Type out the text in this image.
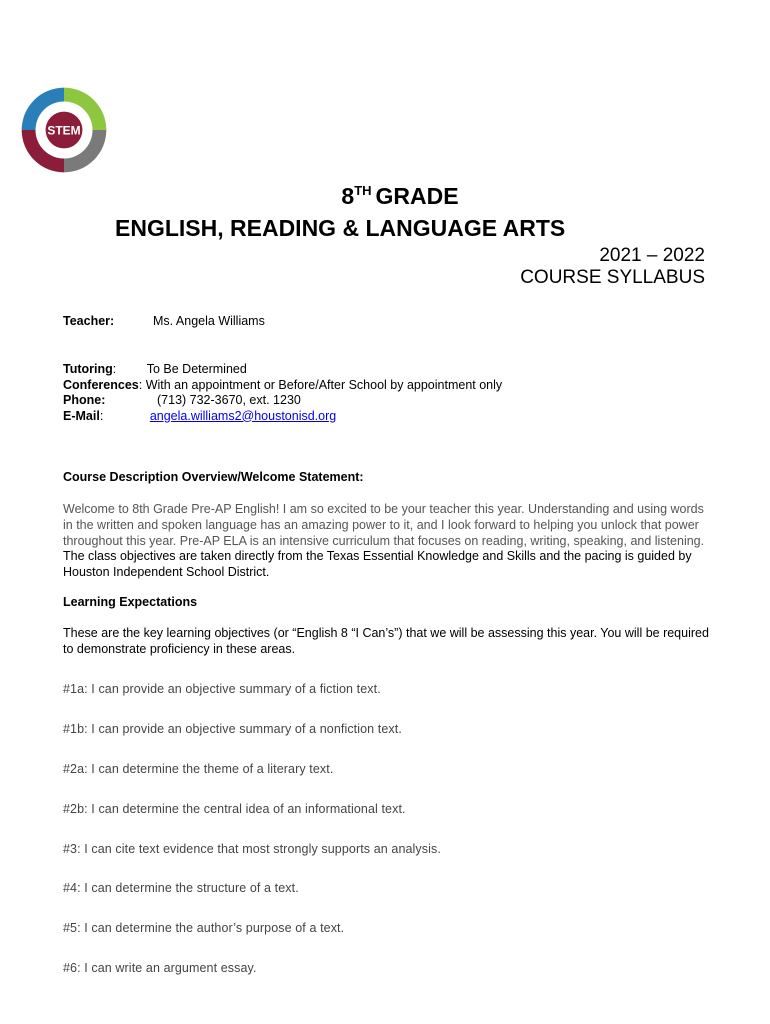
STEM
8TH GRADE
ENGLISH, READING & LANGUAGE ARTS
2021 – 2022
COURSE SYLLABUS
Teacher:	Ms. Angela Williams
Tutoring: To Be Determined
Conferences: With an appointment or Before/After School by appointment only
Phone:	(713) 732-3670, ext. 1230
E-Mail:	angela.williams2@houstonisd.org
Course Description Overview/Welcome Statement:
Welcome to 8th Grade Pre-AP English! I am so excited to be your teacher this year. Understanding and using words in the written and spoken language has an amazing power to it, and I look forward to helping you unlock that power throughout this year. Pre-AP ELA is an intensive curriculum that focuses on reading, writing, speaking, and listening. The class objectives are taken directly from the Texas Essential Knowledge and Skills and the pacing is guided by Houston Independent School District.
Learning Expectations
These are the key learning objectives (or “English 8 “I Can’s”) that we will be assessing this year. You will be required to demonstrate proficiency in these areas.
#1a: I can provide an objective summary of a fiction text.
#1b: I can provide an objective summary of a nonfiction text.
#2a: I can determine the theme of a literary text.
#2b: I can determine the central idea of an informational text.
#3: I can cite text evidence that most strongly supports an analysis.
#4: I can determine the structure of a text.
#5: I can determine the author’s purpose of a text.
#6: I can write an argument essay.
